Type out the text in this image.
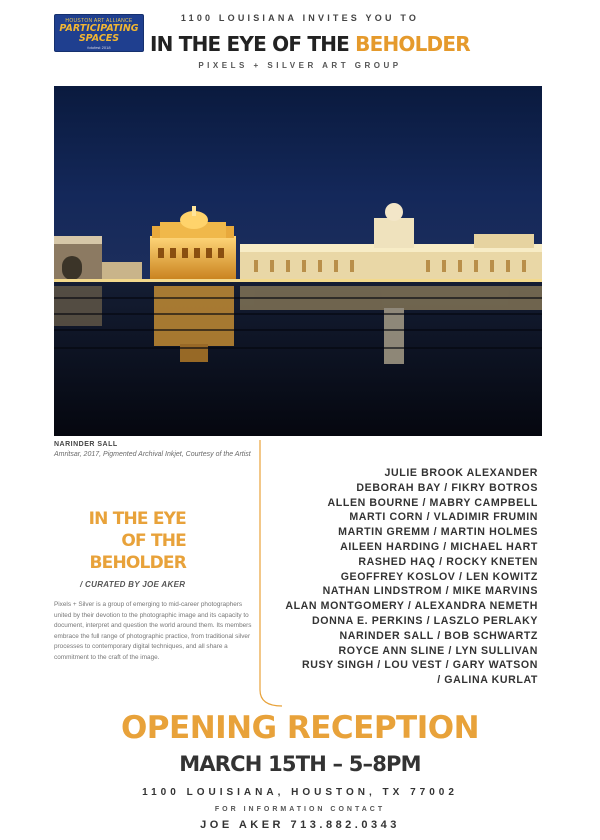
HOUSTON ART ALLIANCE
PARTICIPATING SPACES
fotofest 2018
1100 LOUISIANA INVITES YOU TO
IN THE EYE OF THE BEHOLDER
PIXELS + SILVER ART GROUP
NARINDER SALL
Amritsar, 2017, Pigmented Archival Inkjet, Courtesy of the Artist
IN THE EYE
OF THE
BEHOLDER
/ CURATED BY JOE AKER
Pixels + Silver is a group of emerging to mid-career photographers united by their devotion to the photographic image and its capacity to document, interpret and question the world around them. Its members embrace the full range of photographic practice, from traditional silver processes to contemporary digital techniques, and all share a commitment to the craft of the image.
JULIE BROOK ALEXANDER
DEBORAH BAY / FIKRY BOTROS
ALLEN BOURNE / MABRY CAMPBELL
MARTI CORN / VLADIMIR FRUMIN
MARTIN GREMM / MARTIN HOLMES
AILEEN HARDING / MICHAEL HART
RASHED HAQ / ROCKY KNETEN
GEOFFREY KOSLOV / LEN KOWITZ
NATHAN LINDSTROM / MIKE MARVINS
ALAN MONTGOMERY / ALEXANDRA NEMETH
DONNA E. PERKINS / LASZLO PERLAKY
NARINDER SALL / BOB SCHWARTZ
ROYCE ANN SLINE / LYN SULLIVAN
RUSY SINGH / LOU VEST / GARY WATSON
/ GALINA KURLAT
OPENING RECEPTION
MARCH 15TH – 5–8PM
1100 LOUISIANA, HOUSTON, TX 77002
FOR INFORMATION CONTACT
JOE AKER 713.882.0343
